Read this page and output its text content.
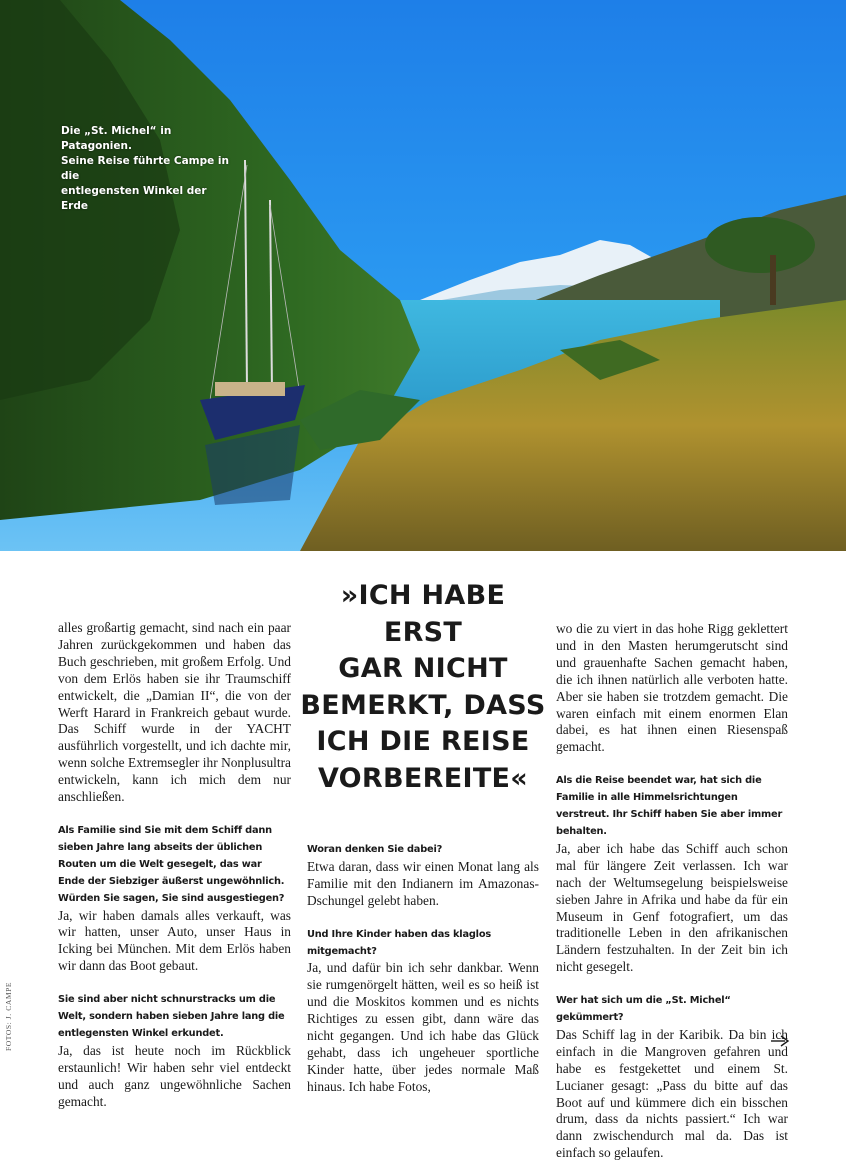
Die „St. Michel“ in Patagonien.
Seine Reise führte Campe in die
entlegensten Winkel der Erde

alles großartig gemacht, sind nach ein paar Jahren zurückgekommen und haben das Buch geschrieben, mit großem Erfolg. Und von dem Erlös haben sie ihr Traumschiff entwickelt, die „Damian II“, die von der Werft Harard in Frankreich gebaut wurde. Das Schiff wurde in der YACHT ausführlich vorgestellt, und ich dachte mir, wenn solche Extremsegler ihr Nonplusultra entwickeln, kann ich mich dem nur anschließen.

Als Familie sind Sie mit dem Schiff dann sieben Jahre lang abseits der üblichen Routen um die Welt gesegelt, das war Ende der Siebziger äußerst ungewöhnlich. Würden Sie sagen, Sie sind ausgestiegen?

Ja, wir haben damals alles verkauft, was wir hatten, unser Auto, unser Haus in Icking bei München. Mit dem Erlös haben wir dann das Boot gebaut.

Sie sind aber nicht schnurstracks um die Welt, sondern haben sieben Jahre lang die entlegensten Winkel erkundet.

Ja, das ist heute noch im Rückblick erstaunlich! Wir haben sehr viel entdeckt und auch ganz ungewöhnliche Sachen gemacht.

»ICH HABE ERST
GAR NICHT
BEMERKT, DASS
ICH DIE REISE
VORBEREITE«

Woran denken Sie dabei?

Etwa daran, dass wir einen Monat lang als Familie mit den Indianern im Amazonas-Dschungel gelebt haben.

Und Ihre Kinder haben das klaglos mitgemacht?

Ja, und dafür bin ich sehr dankbar. Wenn sie rumgenörgelt hätten, weil es so heiß ist und die Moskitos kommen und es nichts Richtiges zu essen gibt, dann wäre das nicht gegangen. Und ich habe das Glück gehabt, dass ich ungeheuer sportliche Kinder hatte, über jedes normale Maß hinaus. Ich habe Fotos,

wo die zu viert in das hohe Rigg geklettert und in den Masten herumgerutscht sind und grauenhafte Sachen gemacht haben, die ich ihnen natürlich alle verboten hatte. Aber sie haben sie trotzdem gemacht. Die waren einfach mit einem enormen Elan dabei, es hat ihnen einen Riesenspaß gemacht.

Als die Reise beendet war, hat sich die Familie in alle Himmelsrichtungen verstreut. Ihr Schiff haben Sie aber immer behalten.

Ja, aber ich habe das Schiff auch schon mal für längere Zeit verlassen. Ich war nach der Weltumsegelung beispielsweise sieben Jahre in Afrika und habe da für ein Museum in Genf fotografiert, um das traditionelle Leben in den afrikanischen Ländern festzuhalten. In der Zeit bin ich nicht gesegelt.

Wer hat sich um die „St. Michel“ gekümmert?

Das Schiff lag in der Karibik. Da bin ich einfach in die Mangroven gefahren und habe es festgekettet und einem St. Lucianer gesagt: „Pass du bitte auf das Boot auf und kümmere dich ein bisschen drum, dass da nichts passiert.“ Ich war dann zwischendurch mal da. Das ist einfach so gelaufen.

FOTOS: J. CAMPE
